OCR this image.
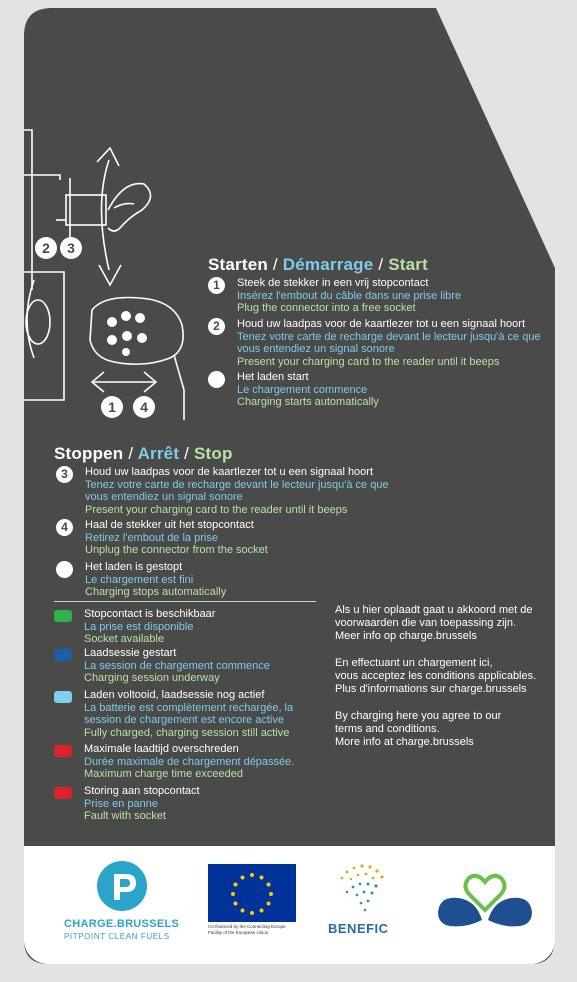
2	3
1	4
Starten / Démarrage / Start
1	Steek de stekker in een vrij stopcontact
Insérez l'embout du câble dans une prise libre
Plug the connector into a free socket
2	Houd uw laadpas voor de kaartlezer tot u een signaal hoort
Tenez votre carte de recharge devant le lecteur jusqu'à ce que
vous entendiez un signal sonore
Present your charging card to the reader until it beeps
Het laden start
Le chargement commence
Charging starts automatically
Stoppen / Arrêt / Stop
3	Houd uw laadpas voor de kaartlezer tot u een signaal hoort
Tenez votre carte de recharge devant le lecteur jusqu'à ce que
vous entendiez un signal sonore
Present your charging card to the reader until it beeps
4	Haal de stekker uit het stopcontact
Retirez l'embout de la prise
Unplug the connector from the socket
Het laden is gestopt
Le chargement est fini
Charging stops automatically
Stopcontact is beschikbaar
La prise est disponible
Socket available
Laadsessie gestart
La session de chargement commence
Charging session underway
Laden voltooid, laadsessie nog actief
La batterie est complètement rechargée, la
session de chargement est encore active
Fully charged, charging session still active
Maximale laadtijd overschreden
Durée maximale de chargement dépassée.
Maximum charge time exceeded
Storing aan stopcontact
Prise en panne
Fault with socket
Als u hier oplaadt gaat u akkoord met de
voorwaarden die van toepassing zijn.
Meer info op charge.brussels
En effectuant un chargement ici,
vous acceptez les conditions applicables.
Plus d'informations sur charge.brussels
By charging here you agree to our
terms and conditions.
More info at charge.brussels
CHARGE.BRUSSELS
PITPOINT CLEAN FUELS
Co-financed by the Connecting Europe
Facility of the European Union	BENEFIC
